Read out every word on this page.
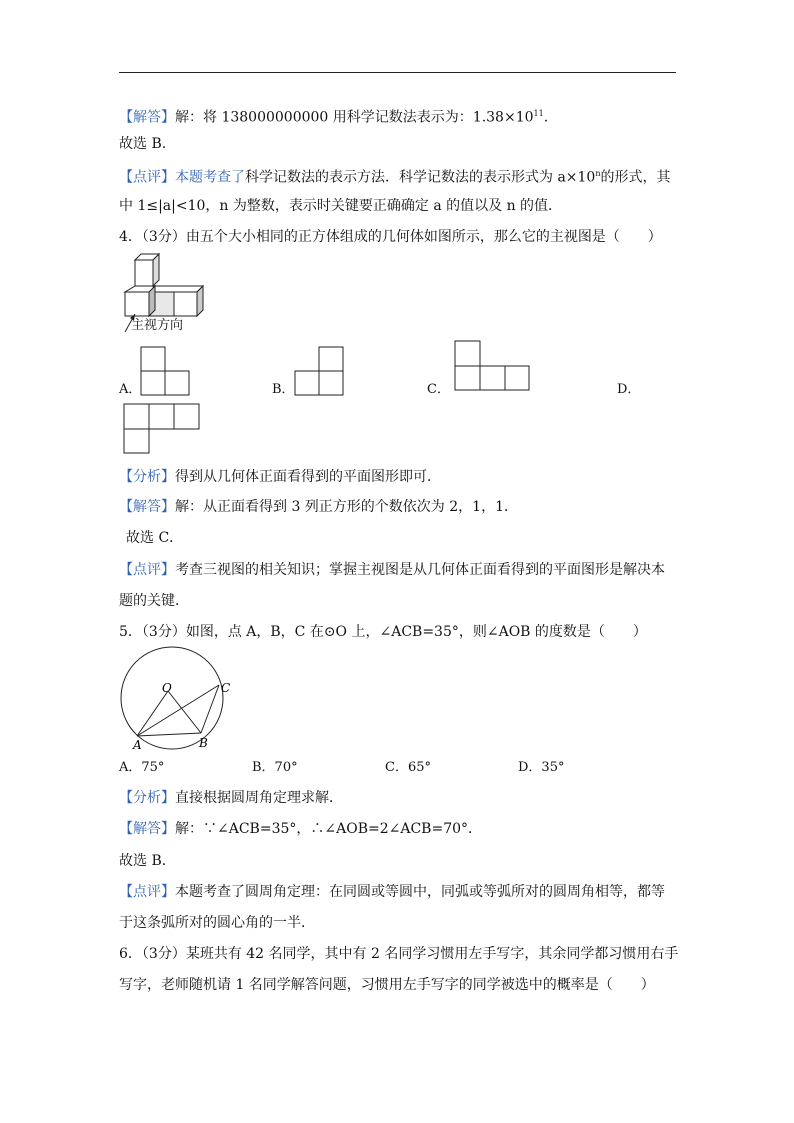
【解答】解：将 138000000000 用科学记数法表示为：$1.38\times 10^{11}$.
故选 B.
【点评】本题考查了科学记数法的表示方法．科学记数法的表示形式为 $a\times 10^n$的形式，其
中 1≤|a|<10，n 为整数，表示时关键要正确确定 a 的值以及 n 的值．
4．（3分）由五个大小相同的正方体组成的几何体如图所示，那么它的主视图是（　　）
主视方向
A．	B．	C．	D．
【分析】得到从几何体正面看得到的平面图形即可．
【解答】解：从正面看得到 3 列正方形的个数依次为 2，1，1．
故选 C．
【点评】考查三视图的相关知识；掌握主视图是从几何体正面看得到的平面图形是解决本
题的关键．
5．（3分）如图，点 A，B，C 在⊙O 上，∠ACB=35°，则∠AOB 的度数是（　　）
O	C
A	B
A．75°	B．70°	C．65°	D．35°
【分析】直接根据圆周角定理求解．
【解答】解：∵∠ACB=35°，∴∠AOB=2∠ACB=70°．
故选 B．
【点评】本题考查了圆周角定理：在同圆或等圆中，同弧或等弧所对的圆周角相等，都等
于这条弧所对的圆心角的一半．
6．（3分）某班共有 42 名同学，其中有 2 名同学习惯用左手写字，其余同学都习惯用右手
写字，老师随机请 1 名同学解答问题，习惯用左手写字的同学被选中的概率是（　　）
